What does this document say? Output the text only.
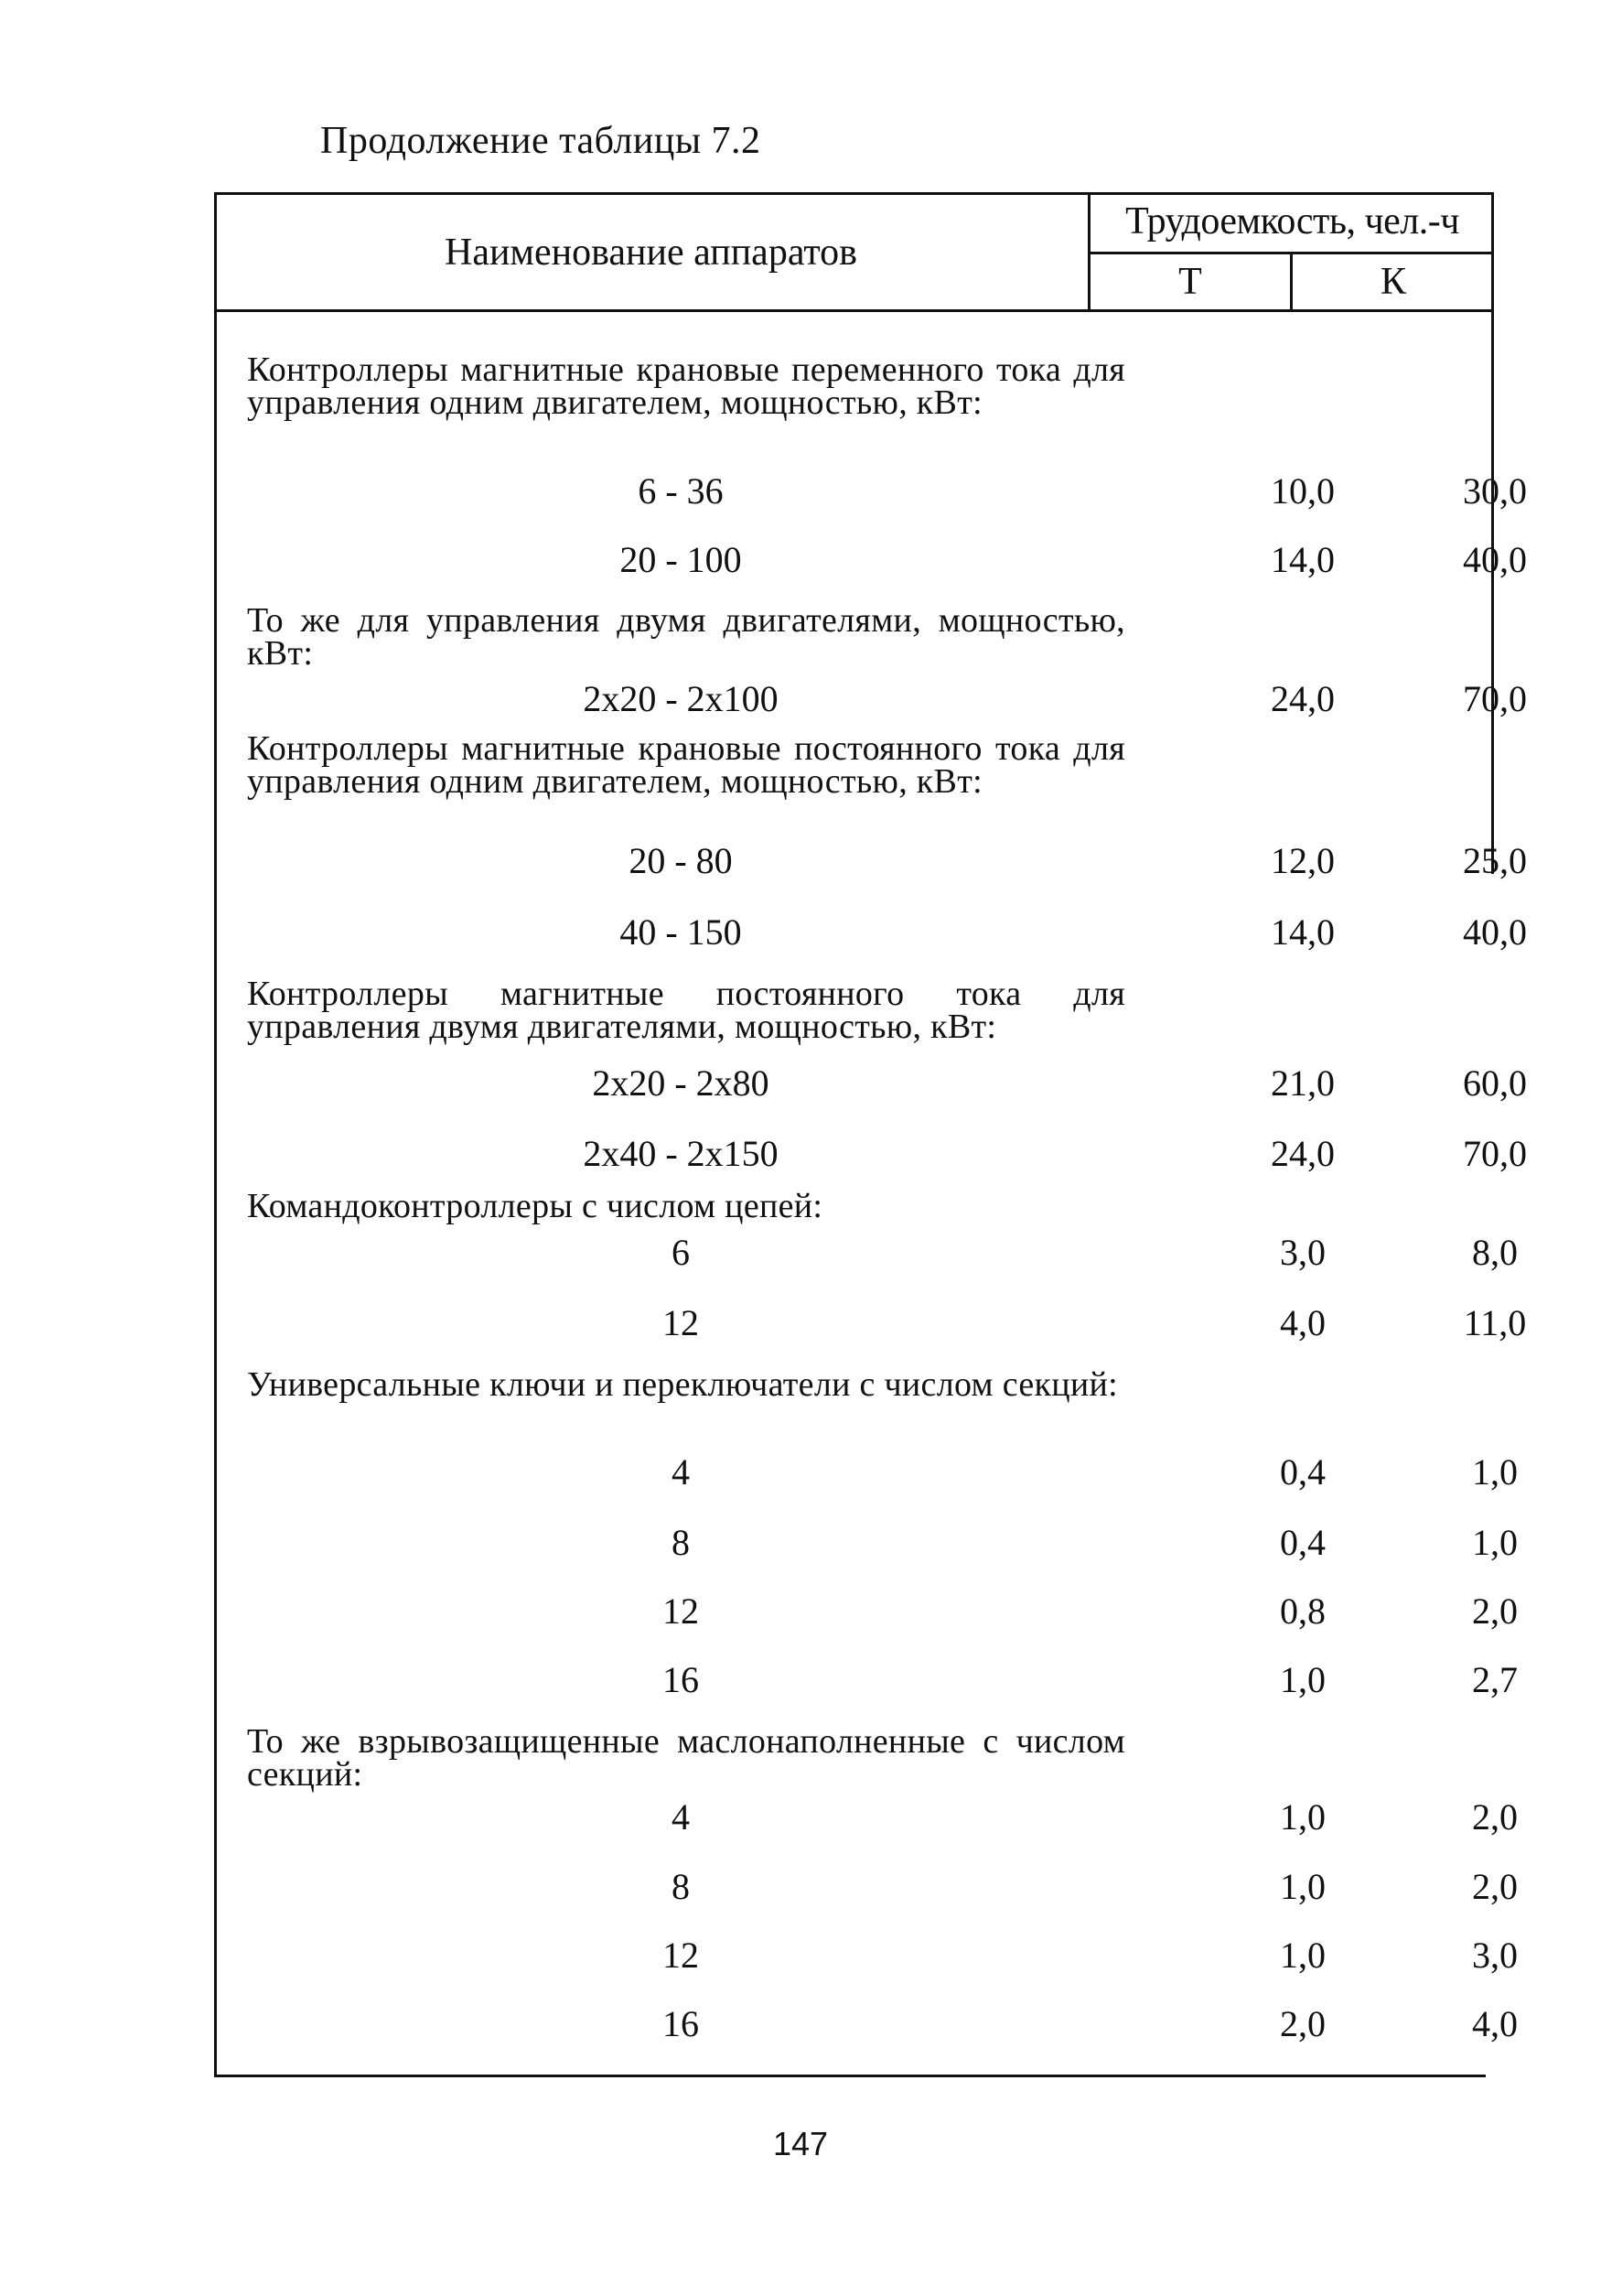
Продолжение таблицы 7.2
Наименование аппаратов
Трудоемкость, чел.-ч
Т	К
Контроллеры магнитные крановые переменного тока для управления одним двигателем, мощностью, кВт:
6 - 36	10,0	30,0
20 - 100	14,0	40,0
То же для управления двумя двигателями, мощностью, кВт:
2x20 - 2x100	24,0	70,0
Контроллеры магнитные крановые постоянного тока для управления одним двигателем, мощностью, кВт:
20 - 80	12,0	25,0
40 - 150	14,0	40,0
Контроллеры магнитные постоянного тока для управления двумя двигателями, мощностью, кВт:
2x20 - 2x80	21,0	60,0
2x40 - 2x150	24,0	70,0
Командоконтроллеры с числом цепей:
6	3,0	8,0
12	4,0	11,0
Универсальные ключи и переключатели с числом секций:
4	0,4	1,0
8	0,4	1,0
12	0,8	2,0
16	1,0	2,7
То же взрывозащищенные маслонаполненные с числом секций:
4	1,0	2,0
8	1,0	2,0
12	1,0	3,0
16	2,0	4,0
147
